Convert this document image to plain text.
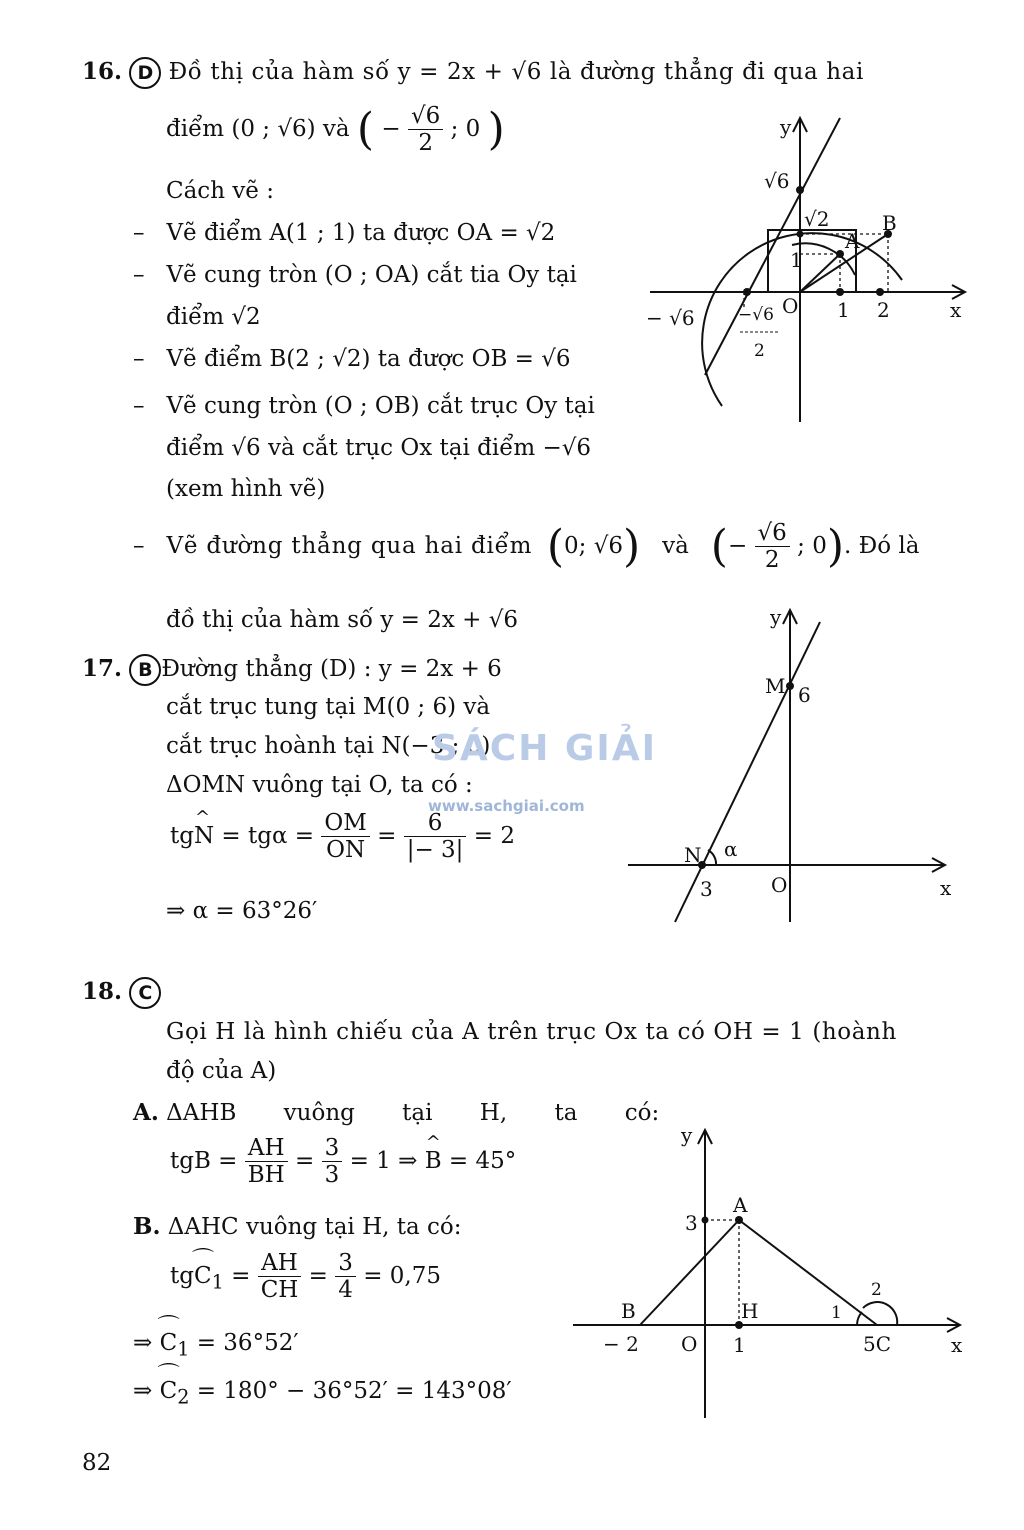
16. D Đồ thị của hàm số y = 2x + √6 là đường thẳng đi qua hai
điểm (0 ; √6) và ( − $\frac{√6}{2}$ ; 0 )
Cách vẽ :
–   Vẽ điểm A(1 ; 1) ta được OA = √2
–   Vẽ cung tròn (O ; OA) cắt tia Oy tại
điểm √2
–   Vẽ điểm B(2 ; √2) ta được OB = √6
–   Vẽ cung tròn (O ; OB) cắt trục Oy tại
điểm √6 và cắt trục Ox tại điểm −√6
(xem hình vẽ)
–   Vẽ đường thẳng qua hai điểm (0; √6) và (− $\frac{√6}{2}$ ; 0). Đó là
đồ thị của hàm số y = 2x + √6
y
x
√6
√2	B
A
1
O 1 2
− √6	−√6
2
17. B Đường thẳng (D) : y = 2x + 6
cắt trục tung tại M(0 ; 6) và
cắt trục hoành tại N(−3 ; 0)
ΔOMN vuông tại O, ta có :
tg^ $N = tg\alpha = \frac{OM}{ON} = \frac{6}{|- 3|} = 2$
⇒ α = 63°26′
y
x
M 6
N α
3	O
SÁCH GIẢI
www.sachgiai.com
18. C
Gọi H là hình chiếu của A trên trục Ox ta có OH = 1 (hoành
độ của A)
A. ΔAHB vuông tại H, ta có:
tgB = $\frac{AH}{BH} = \frac{3}{3} = 1$ ⇒ ^ B = 45°
B. ΔAHC vuông tại H, ta có:
tg⌒ $C_1 = \frac{AH}{CH} = \frac{3}{4} = 0,75$
⇒ ⌒ $C_1 = 36^\circ 52'$
⇒ ⌒ $C_2 = 180^\circ - 36^\circ 52' = 143^\circ 08'$
y
x
A
3
B	H	1
2
− 2 O 1	5C
82
